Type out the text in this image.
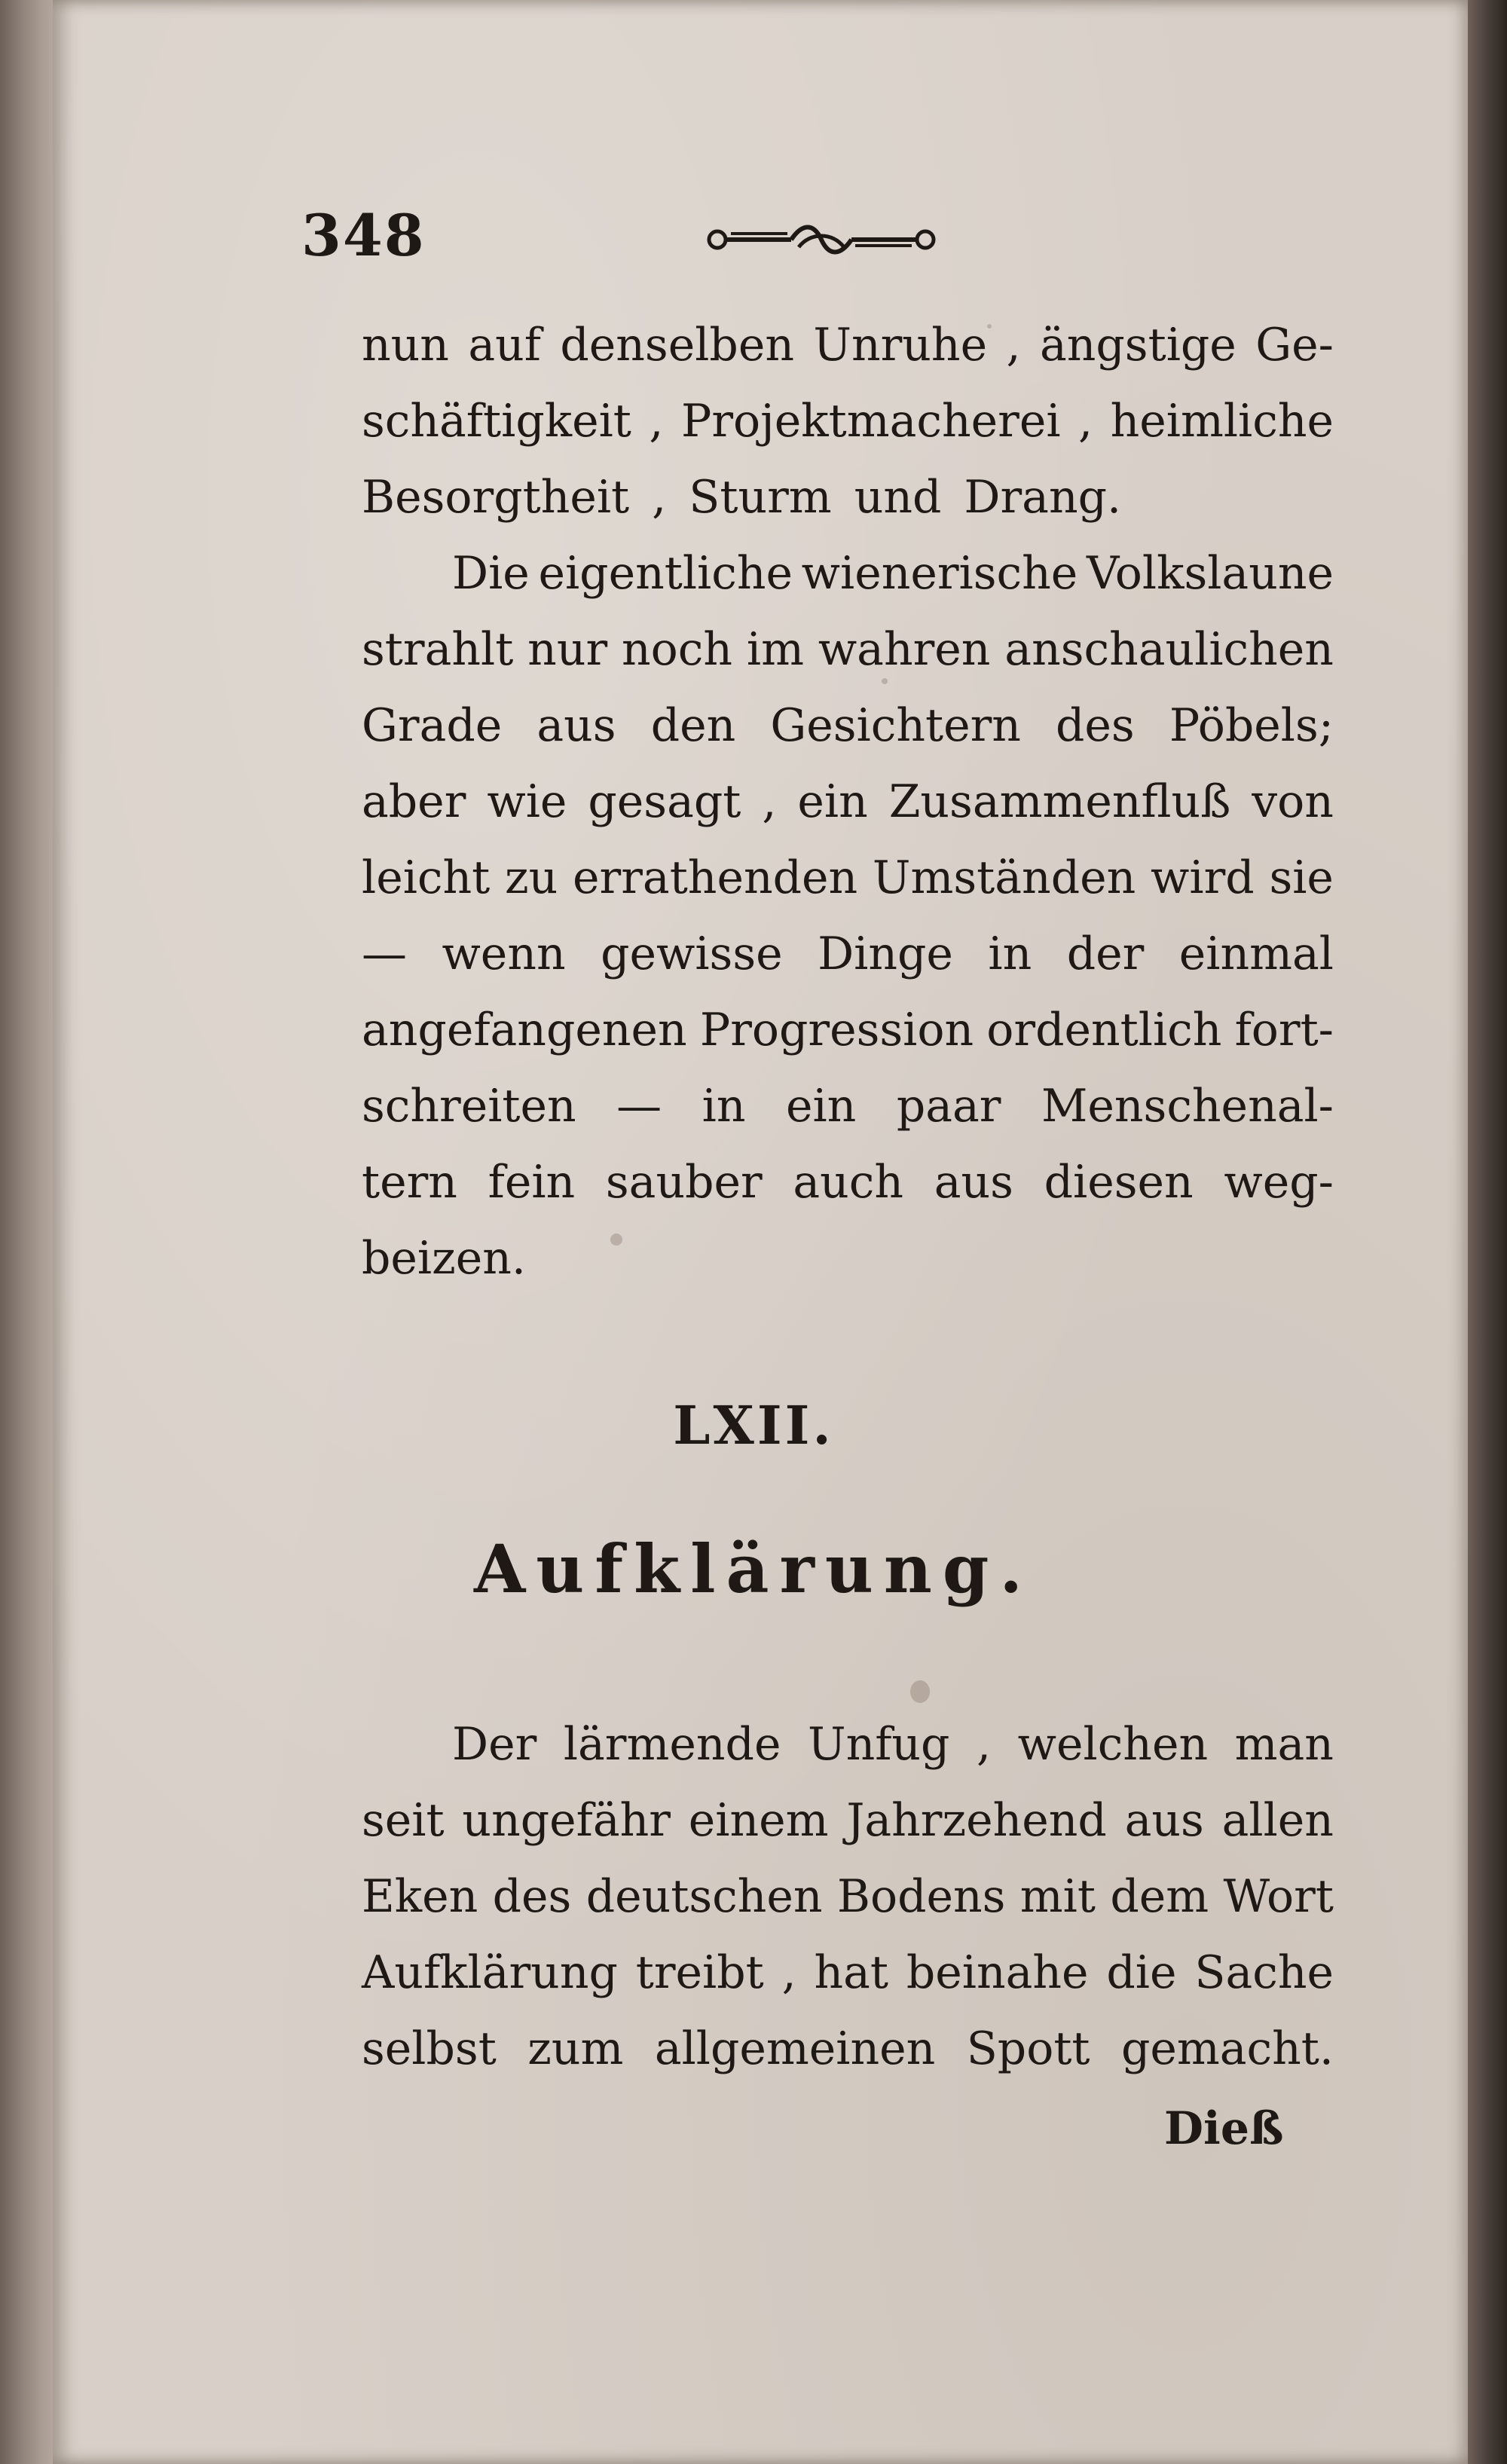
348
nun auf denselben Unruhe , ängstige Ge-
schäftigkeit , Projektmacherei , heimliche
Besorgtheit , Sturm und Drang.
Die eigentliche wienerische Volkslaune
strahlt nur noch im wahren anschaulichen
Grade aus den Gesichtern des Pöbels;
aber wie gesagt , ein Zusammenfluß von
leicht zu errathenden Umständen wird sie
— wenn gewisse Dinge in der einmal
angefangenen Progression ordentlich fort-
schreiten — in ein paar Menschenal-
tern fein sauber auch aus diesen weg-
beizen.
LXII.
Aufklärung.
Der lärmende Unfug , welchen man
seit ungefähr einem Jahrzehend aus allen
Eken des deutschen Bodens mit dem Wort
Aufklärung treibt , hat beinahe die Sache
selbst zum allgemeinen Spott gemacht.
Dieß
